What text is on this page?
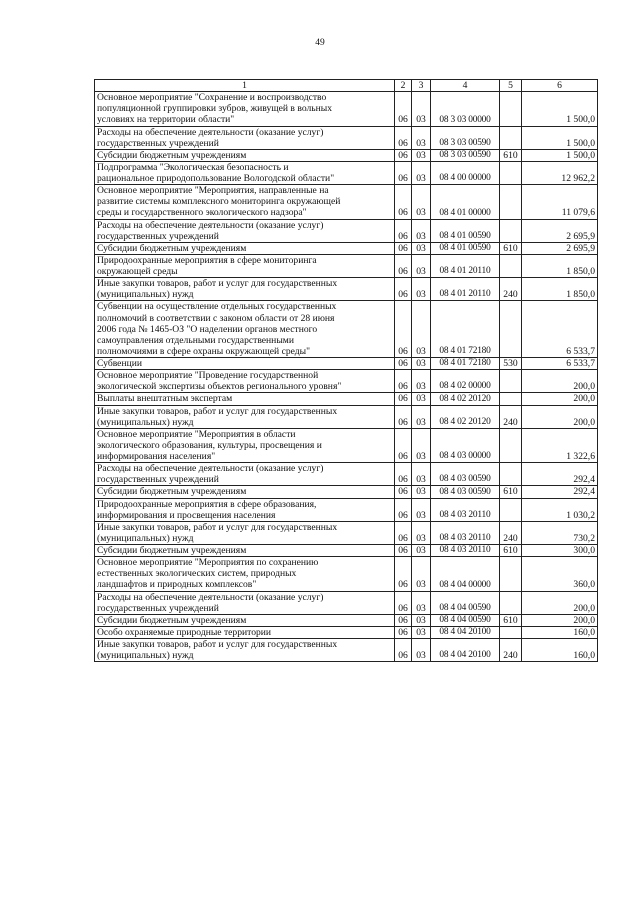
49
1	2	3	4	5	6

Основное мероприятие "Сохранение и воспроизводство
популяционной группировки зубров, живущей в вольных
условиях на территории области"	06	03	08 3 03 00000		1 500,0

Расходы на обеспечение деятельности (оказание услуг)
государственных учреждений	06	03	08 3 03 00590		1 500,0

Субсидии бюджетным учреждениям	06	03	08 3 03 00590	610	1 500,0

Подпрограмма "Экологическая безопасность и
рациональное природопользование Вологодской области"	06	03	08 4 00 00000		12 962,2

Основное мероприятие "Мероприятия, направленные на
развитие системы комплексного мониторинга окружающей
среды и государственного экологического надзора"	06	03	08 4 01 00000		11 079,6

Расходы на обеспечение деятельности (оказание услуг)
государственных учреждений	06	03	08 4 01 00590		2 695,9

Субсидии бюджетным учреждениям	06	03	08 4 01 00590	610	2 695,9

Природоохранные мероприятия в сфере мониторинга
окружающей среды	06	03	08 4 01 20110		1 850,0

Иные закупки товаров, работ и услуг для государственных
(муниципальных) нужд	06	03	08 4 01 20110	240	1 850,0

Субвенции на осуществление отдельных государственных
полномочий в соответствии с законом области от 28 июня
2006 года № 1465-ОЗ "О наделении органов местного
самоуправления отдельными государственными
полномочиями в сфере охраны окружающей среды"	06	03	08 4 01 72180		6 533,7

Субвенции	06	03	08 4 01 72180	530	6 533,7

Основное мероприятие "Проведение государственной
экологической экспертизы объектов регионального уровня"	06	03	08 4 02 00000		200,0

Выплаты внештатным экспертам	06	03	08 4 02 20120		200,0

Иные закупки товаров, работ и услуг для государственных
(муниципальных) нужд	06	03	08 4 02 20120	240	200,0

Основное мероприятие "Мероприятия в области
экологического образования, культуры, просвещения и
информирования населения"	06	03	08 4 03 00000		1 322,6

Расходы на обеспечение деятельности (оказание услуг)
государственных учреждений	06	03	08 4 03 00590		292,4

Субсидии бюджетным учреждениям	06	03	08 4 03 00590	610	292,4

Природоохранные мероприятия в сфере образования,
информирования и просвещения населения	06	03	08 4 03 20110		1 030,2

Иные закупки товаров, работ и услуг для государственных
(муниципальных) нужд	06	03	08 4 03 20110	240	730,2

Субсидии бюджетным учреждениям	06	03	08 4 03 20110	610	300,0

Основное мероприятие "Мероприятия по сохранению
естественных экологических систем, природных
ландшафтов и природных комплексов"	06	03	08 4 04 00000		360,0

Расходы на обеспечение деятельности (оказание услуг)
государственных учреждений	06	03	08 4 04 00590		200,0

Субсидии бюджетным учреждениям	06	03	08 4 04 00590	610	200,0

Особо охраняемые природные территории	06	03	08 4 04 20100		160,0

Иные закупки товаров, работ и услуг для государственных
(муниципальных) нужд	06	03	08 4 04 20100	240	160,0
